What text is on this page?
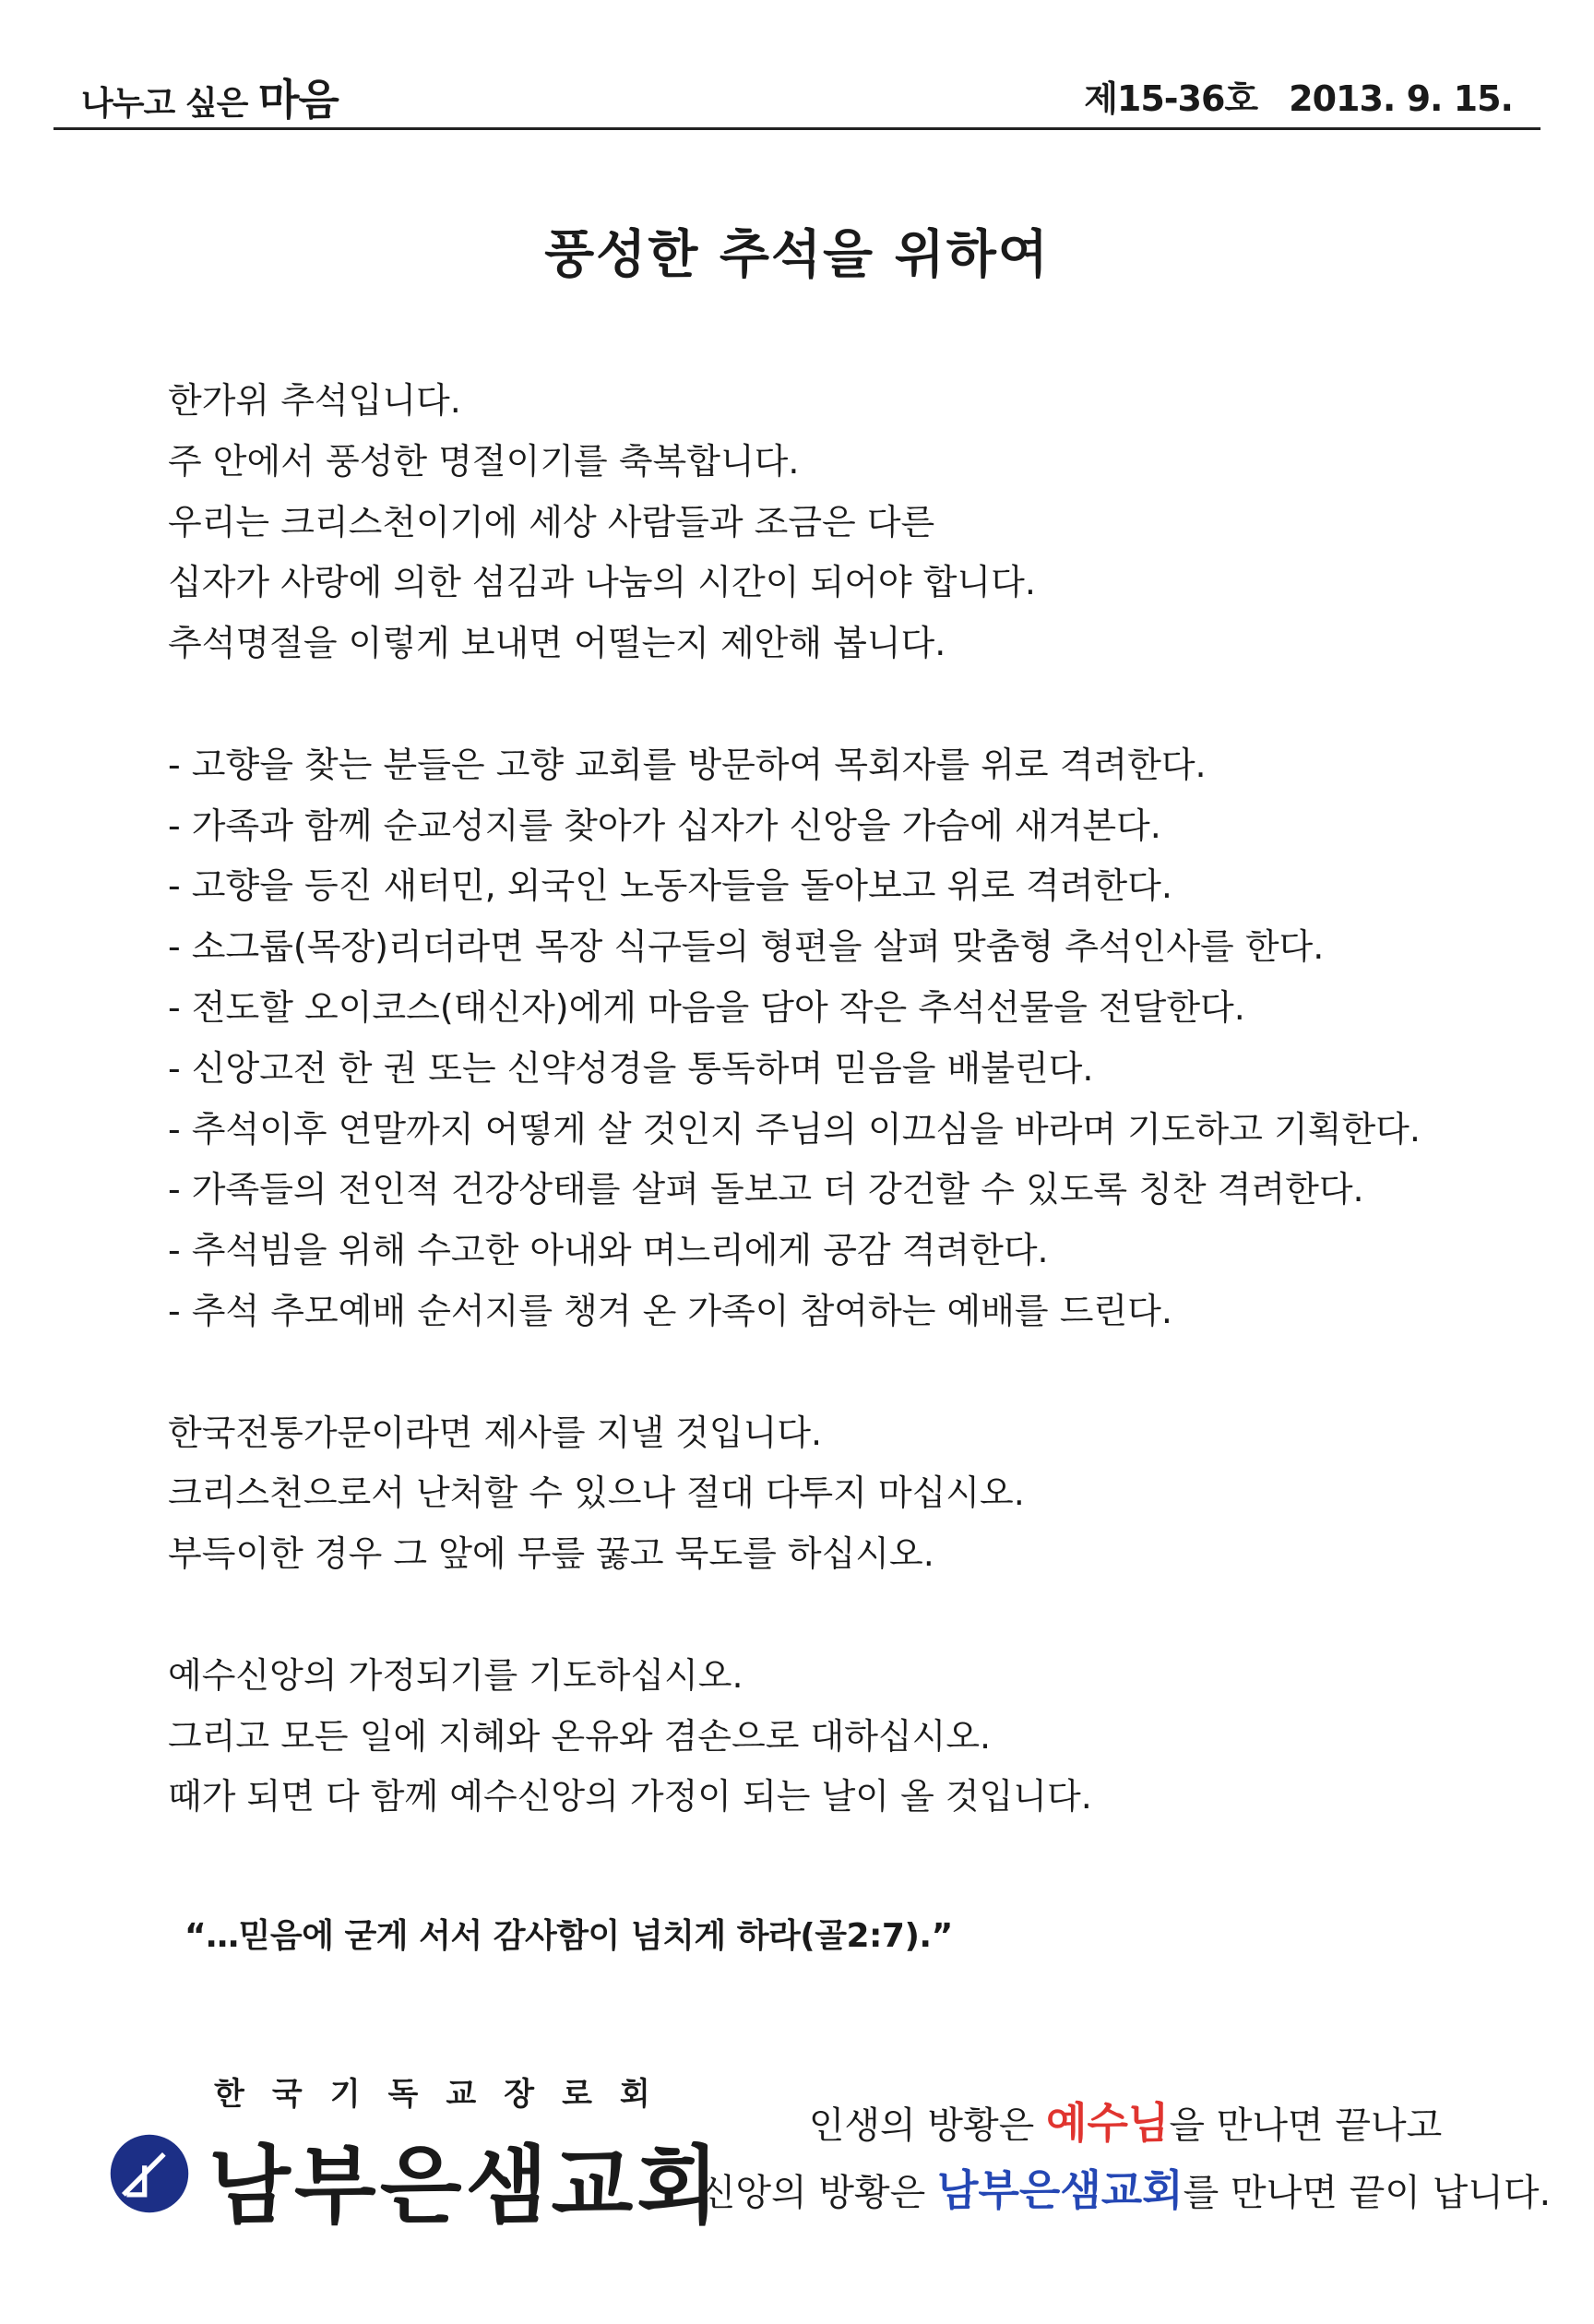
나누고 싶은 마음	제15-36호 2013. 9. 15.
풍성한 추석을 위하여

한가위 추석입니다.
주 안에서 풍성한 명절이기를 축복합니다.
우리는 크리스천이기에 세상 사람들과 조금은 다른
십자가 사랑에 의한 섬김과 나눔의 시간이 되어야 합니다.
추석명절을 이렇게 보내면 어떨는지 제안해 봅니다.

- 고향을 찾는 분들은 고향 교회를 방문하여 목회자를 위로 격려한다.
- 가족과 함께 순교성지를 찾아가 십자가 신앙을 가슴에 새겨본다.
- 고향을 등진 새터민, 외국인 노동자들을 돌아보고 위로 격려한다.
- 소그룹(목장)리더라면 목장 식구들의 형편을 살펴 맞춤형 추석인사를 한다.
- 전도할 오이코스(태신자)에게 마음을 담아 작은 추석선물을 전달한다.
- 신앙고전 한 권 또는 신약성경을 통독하며 믿음을 배불린다.
- 추석이후 연말까지 어떻게 살 것인지 주님의 이끄심을 바라며 기도하고 기획한다.
- 가족들의 전인적 건강상태를 살펴 돌보고 더 강건할 수 있도록 칭찬 격려한다.
- 추석빔을 위해 수고한 아내와 며느리에게 공감 격려한다.
- 추석 추모예배 순서지를 챙겨 온 가족이 참여하는 예배를 드린다.

한국전통가문이라면 제사를 지낼 것입니다.
크리스천으로서 난처할 수 있으나 절대 다투지 마십시오.
부득이한 경우 그 앞에 무릎 꿇고 묵도를 하십시오.

예수신앙의 가정되기를 기도하십시오.
그리고 모든 일에 지혜와 온유와 겸손으로 대하십시오.
때가 되면 다 함께 예수신앙의 가정이 되는 날이 올 것입니다.

“…믿음에 굳게 서서 감사함이 넘치게 하라(골2:7).”
한국기독교장로회
남부은샘교회
인생의 방황은 예수님을 만나면 끝나고
신앙의 방황은 남부은샘교회를 만나면 끝이 납니다.
